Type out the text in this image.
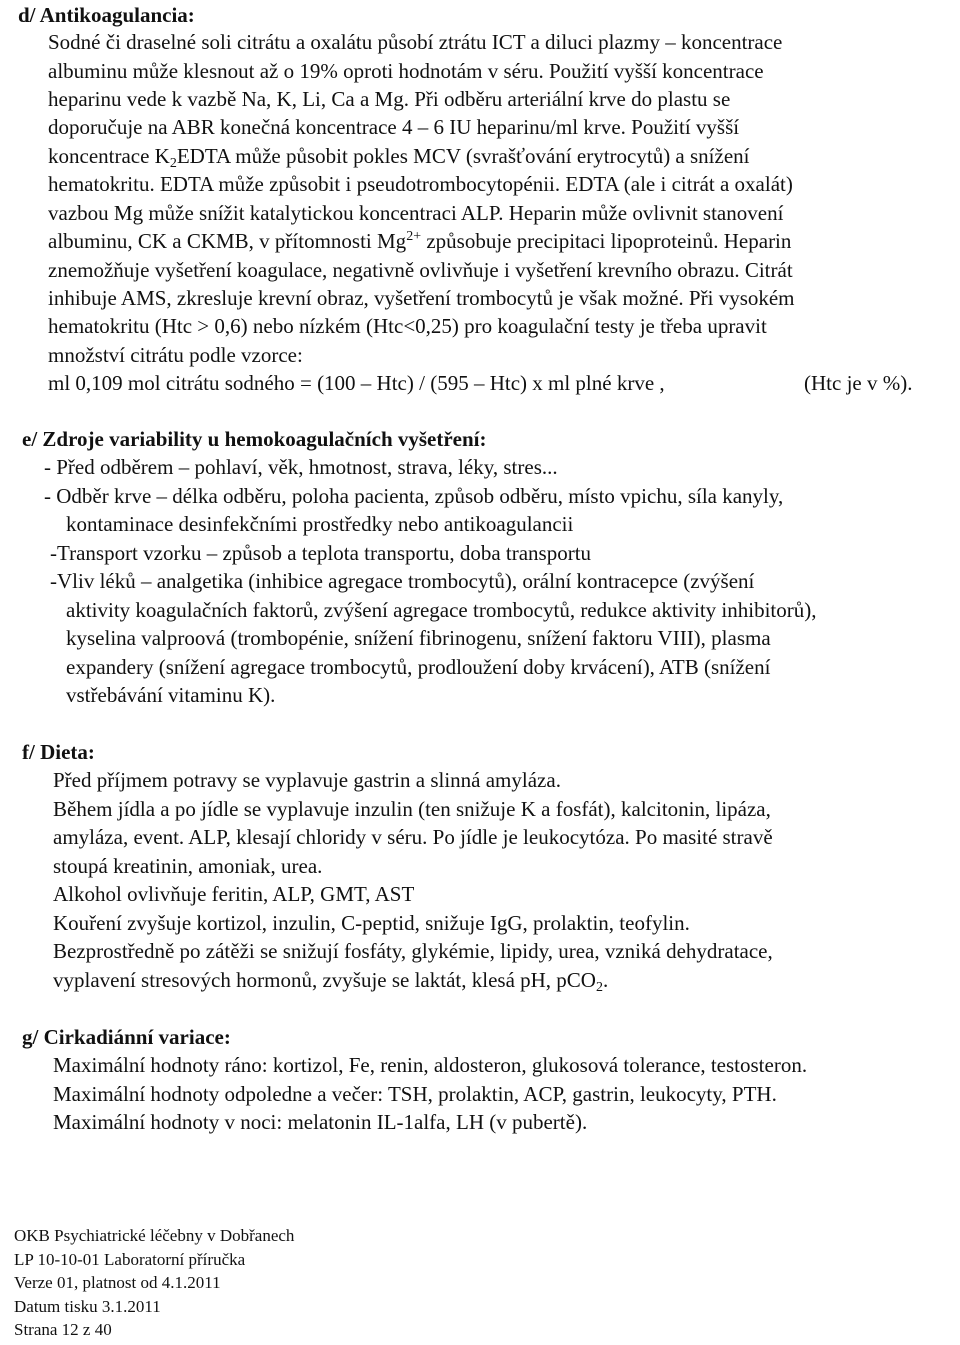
d/ Antikoagulancia:
Sodné či draselné soli citrátu a oxalátu působí ztrátu ICT a diluci plazmy – koncentrace
albuminu může klesnout až o 19% oproti hodnotám v séru. Použití vyšší koncentrace
heparinu vede k vazbě Na, K, Li, Ca a Mg. Při odběru arteriální krve do plastu se
doporučuje na ABR konečná koncentrace 4 – 6 IU heparinu/ml krve. Použití vyšší
koncentrace $K_2EDTA$ může působit pokles MCV (svrašťování erytrocytů) a snížení
hematokritu. EDTA může způsobit i pseudotrombocytopénii. EDTA (ale i citrát a oxalát)
vazbou Mg může snížit katalytickou koncentraci ALP. Heparin může ovlivnit stanovení
albuminu, CK a CKMB, v přítomnosti $Mg^{2+}$ způsobuje precipitaci lipoproteinů. Heparin
znemožňuje vyšetření koagulace, negativně ovlivňuje i vyšetření krevního obrazu. Citrát
inhibuje AMS, zkresluje krevní obraz, vyšetření trombocytů je však možné. Při vysokém
hematokritu (Htc > 0,6) nebo nízkém (Htc<0,25) pro koagulační testy je třeba upravit
množství citrátu podle vzorce:
ml 0,109 mol citrátu sodného = (100 – Htc) / (595 – Htc) x ml plné krve ,	(Htc je v %).
e/ Zdroje variability u hemokoagulačních vyšetření:
- Před odběrem – pohlaví, věk, hmotnost, strava, léky, stres...
- Odběr krve – délka odběru, poloha pacienta, způsob odběru, místo vpichu, síla kanyly,
kontaminace desinfekčními prostředky nebo antikoagulancii
-Transport vzorku – způsob a teplota transportu, doba transportu
-Vliv léků – analgetika (inhibice agregace trombocytů), orální kontracepce (zvýšení
aktivity koagulačních faktorů, zvýšení agregace trombocytů, redukce aktivity inhibitorů),
kyselina valproová (trombopénie, snížení fibrinogenu, snížení faktoru VIII), plasma
expandery (snížení agregace trombocytů, prodloužení doby krvácení), ATB (snížení
vstřebávání vitaminu K).
f/ Dieta:
Před příjmem potravy se vyplavuje gastrin a slinná amyláza.
Během jídla a po jídle se vyplavuje inzulin (ten snižuje K a fosfát), kalcitonin, lipáza,
amyláza, event. ALP, klesají chloridy v séru. Po jídle je leukocytóza. Po masité stravě
stoupá kreatinin, amoniak, urea.
Alkohol ovlivňuje feritin, ALP, GMT, AST
Kouření zvyšuje kortizol, inzulin, C-peptid, snižuje IgG, prolaktin, teofylin.
Bezprostředně po zátěži se snižují fosfáty, glykémie, lipidy, urea, vzniká dehydratace,
vyplavení stresových hormonů, zvyšuje se laktát, klesá pH, pCO$_2$.
g/ Cirkadiánní variace:
Maximální hodnoty ráno: kortizol, Fe, renin, aldosteron, glukosová tolerance, testosteron.
Maximální hodnoty odpoledne a večer: TSH, prolaktin, ACP, gastrin, leukocyty, PTH.
Maximální hodnoty v noci: melatonin IL-1alfa, LH (v pubertě).
OKB Psychiatrické léčebny v Dobřanech
LP 10-10-01 Laboratorní příručka
Verze 01, platnost od 4.1.2011
Datum tisku 3.1.2011
Strana 12 z 40
